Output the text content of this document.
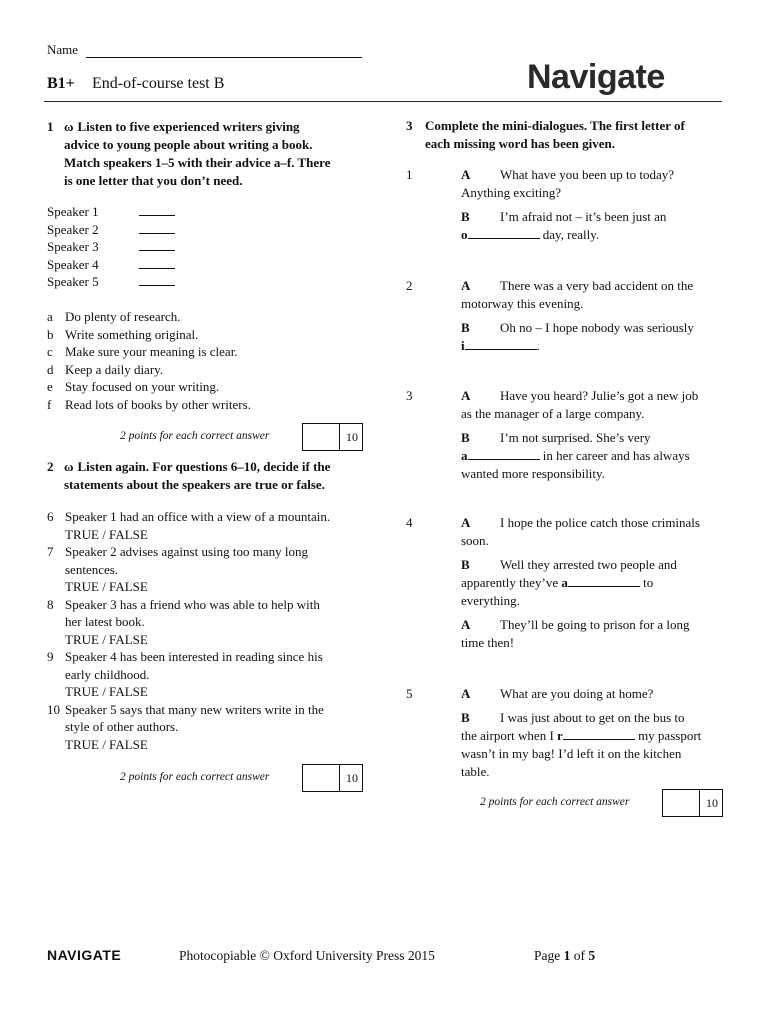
Name
B1+ End-of-course test B	Navigate
1 ω Listen to five experienced writers giving
advice to young people about writing a book.
Match speakers 1–5 with their advice a–f. There
is one letter that you don’t need.
Speaker 1
Speaker 2
Speaker 3
Speaker 4
Speaker 5
a Do plenty of research.
b Write something original.
c Make sure your meaning is clear.
d Keep a daily diary.
e Stay focused on your writing.
f Read lots of books by other writers.
2 points for each correct answer	10
2 ω Listen again. For questions 6–10, decide if the
statements about the speakers are true or false.
6 Speaker 1 had an office with a view of a mountain.
TRUE / FALSE
7 Speaker 2 advises against using too many long
sentences.
TRUE / FALSE
8 Speaker 3 has a friend who was able to help with
her latest book.
TRUE / FALSE
9 Speaker 4 has been interested in reading since his
early childhood.
TRUE / FALSE
10 Speaker 5 says that many new writers write in the
style of other authors.
TRUE / FALSE
2 points for each correct answer	10
3 Complete the mini-dialogues. The first letter of
each missing word has been given.
1	A What have you been up to today?
Anything exciting?
B I’m afraid not – it’s been just an
o	day, really.
2	A There was a very bad accident on the
motorway this evening.
B Oh no – I hope nobody was seriously
i	.
3	A Have you heard? Julie’s got a new job
as the manager of a large company.
B I’m not surprised. She’s very
a	in her career and has always
wanted more responsibility.
4	A I hope the police catch those criminals
soon.
B Well they arrested two people and
apparently they’ve a	to
everything.
A They’ll be going to prison for a long
time then!
5	A What are you doing at home?
B I was just about to get on the bus to
the airport when I r	my passport
wasn’t in my bag! I’d left it on the kitchen
table.
2 points for each correct answer	10
NAVIGATE	Photocopiable © Oxford University Press 2015	Page 1 of 5
